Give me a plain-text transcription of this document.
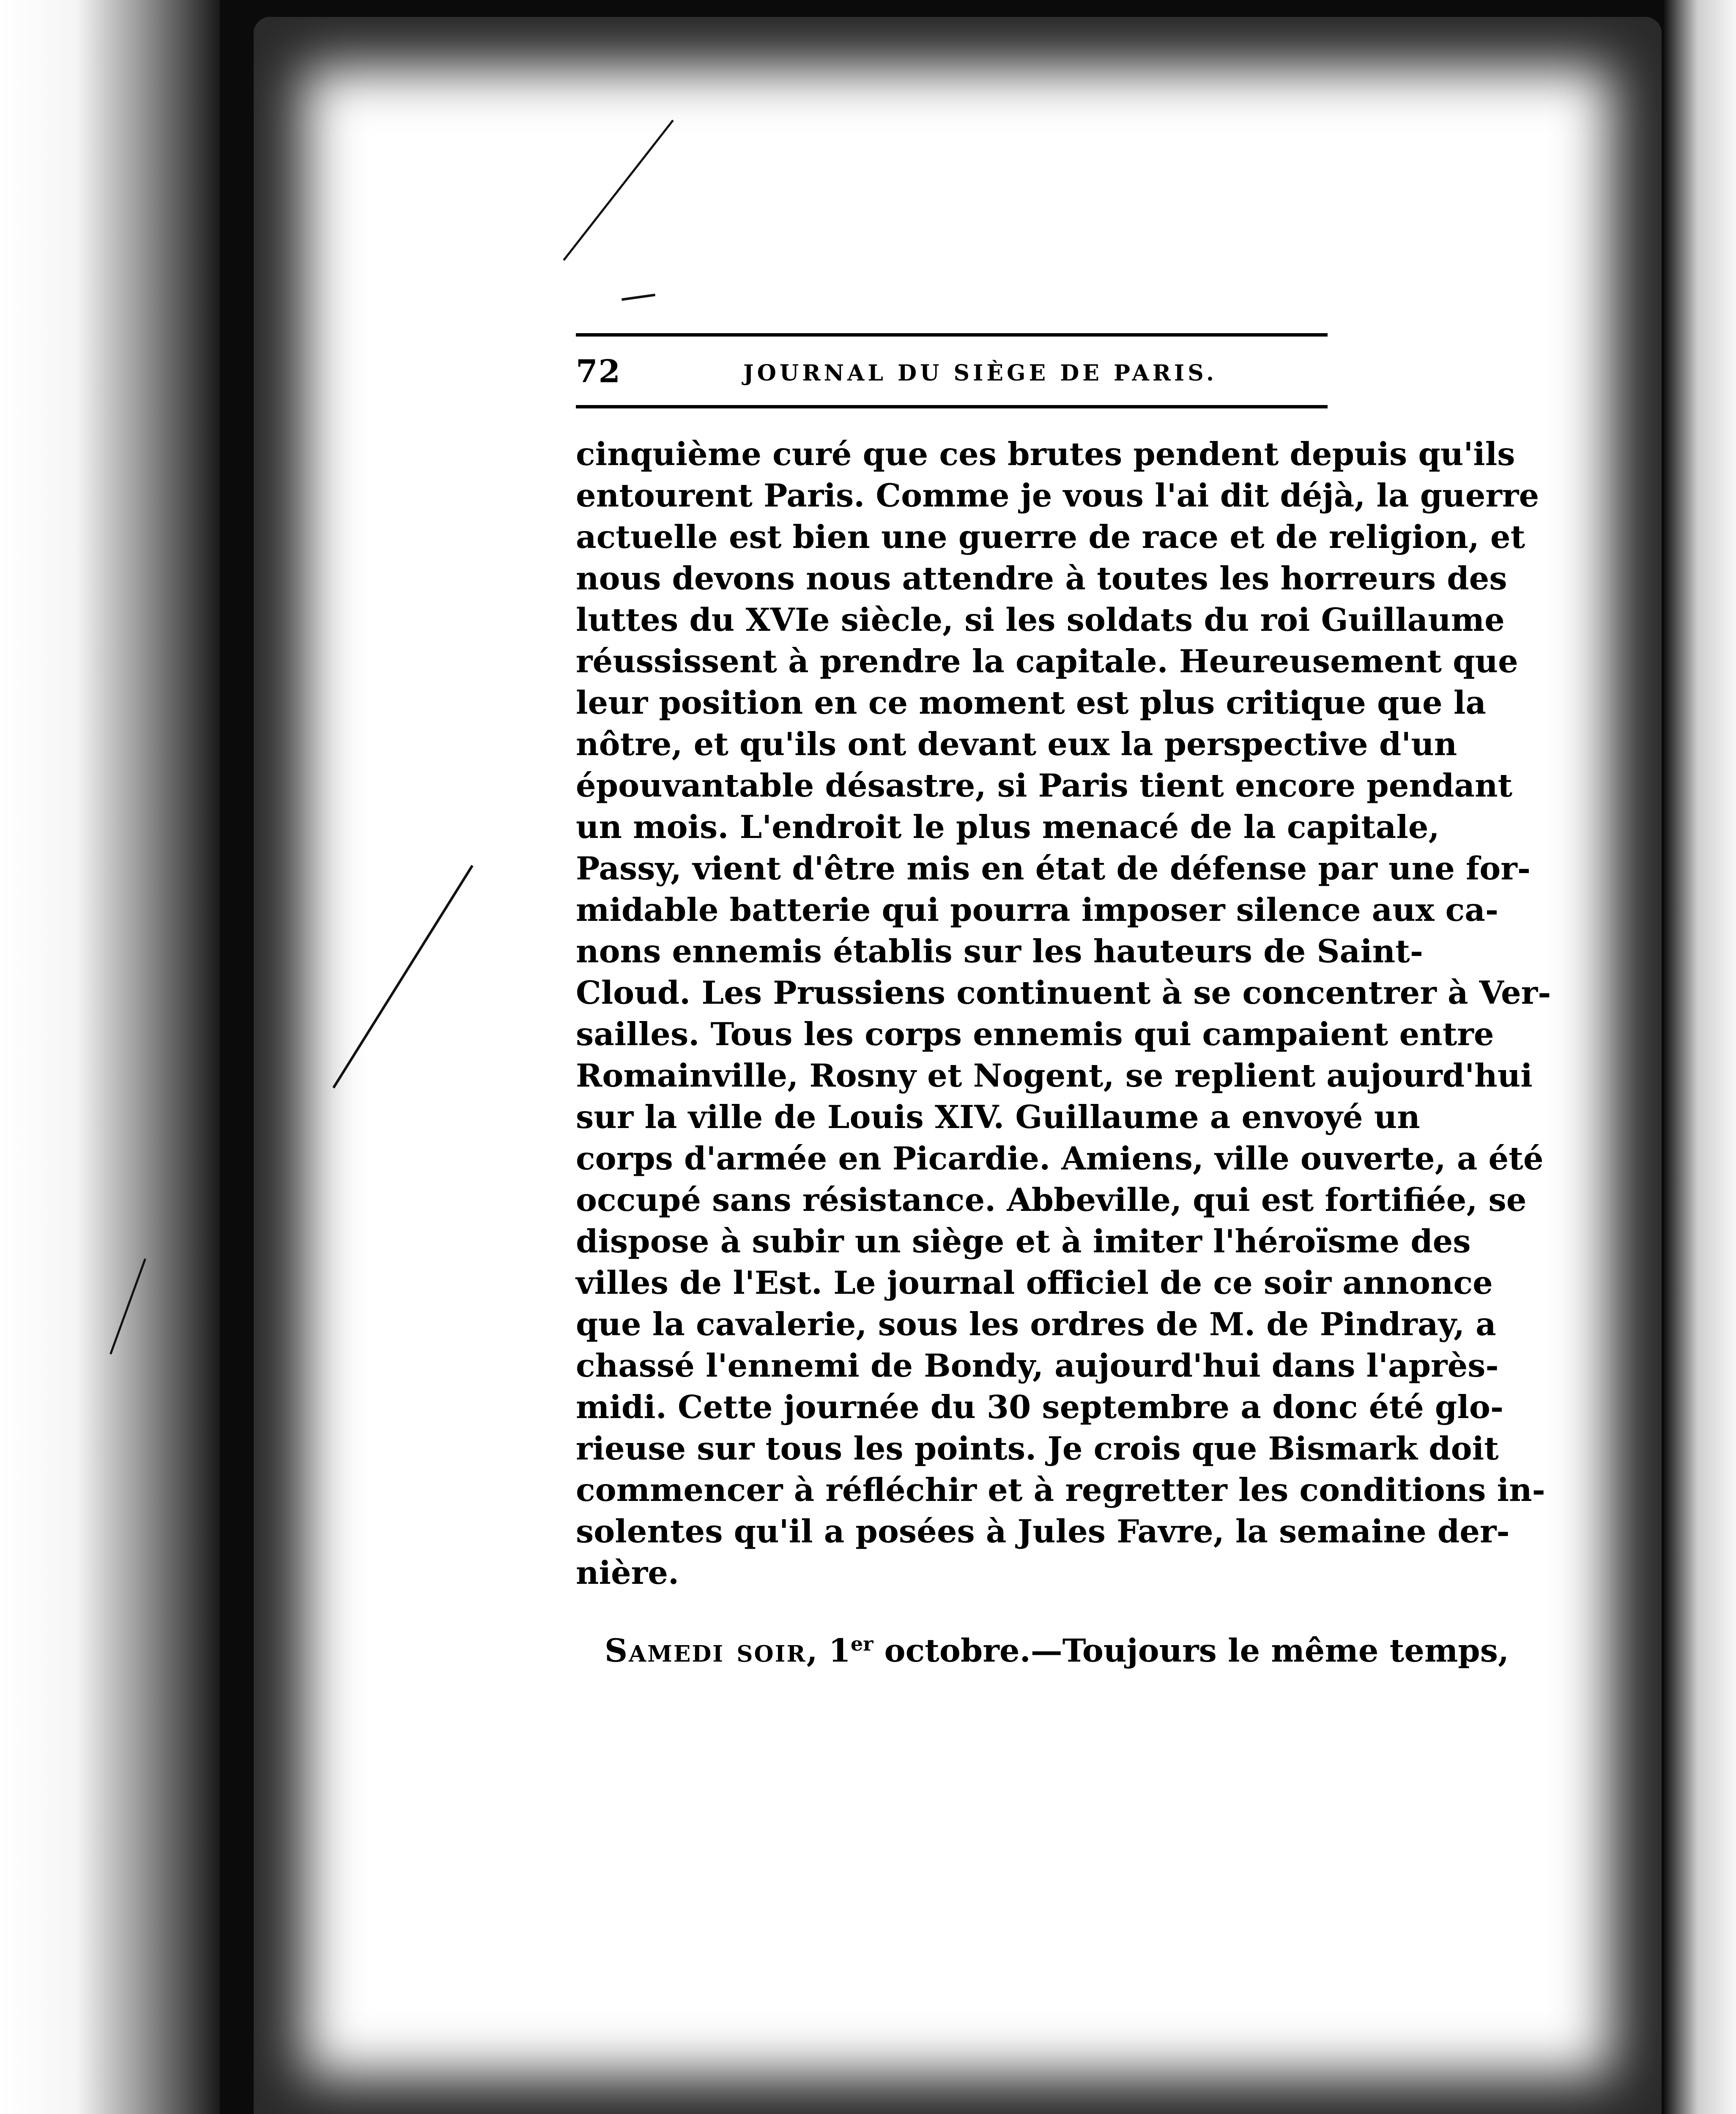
72	JOURNAL DU SIÈGE DE PARIS.
cinquième curé que ces brutes pendent depuis qu'ils
entourent Paris. Comme je vous l'ai dit déjà, la guerre
actuelle est bien une guerre de race et de religion, et
nous devons nous attendre à toutes les horreurs des
luttes du XVIe siècle, si les soldats du roi Guillaume
réussissent à prendre la capitale. Heureusement que
leur position en ce moment est plus critique que la
nôtre, et qu'ils ont devant eux la perspective d'un
épouvantable désastre, si Paris tient encore pendant
un mois. L'endroit le plus menacé de la capitale,
Passy, vient d'être mis en état de défense par une for-
midable batterie qui pourra imposer silence aux ca-
nons ennemis établis sur les hauteurs de Saint-
Cloud. Les Prussiens continuent à se concentrer à Ver-
sailles. Tous les corps ennemis qui campaient entre
Romainville, Rosny et Nogent, se replient aujourd'hui
sur la ville de Louis XIV. Guillaume a envoyé un
corps d'armée en Picardie. Amiens, ville ouverte, a été
occupé sans résistance. Abbeville, qui est fortifiée, se
dispose à subir un siège et à imiter l'héroïsme des
villes de l'Est. Le journal officiel de ce soir annonce
que la cavalerie, sous les ordres de M. de Pindray, a
chassé l'ennemi de Bondy, aujourd'hui dans l'après-
midi. Cette journée du 30 septembre a donc été glo-
rieuse sur tous les points. Je crois que Bismark doit
commencer à réfléchir et à regretter les conditions in-
solentes qu'il a posées à Jules Favre, la semaine der-
nière.
Samedi soir, 1er octobre.—Toujours le même temps,
